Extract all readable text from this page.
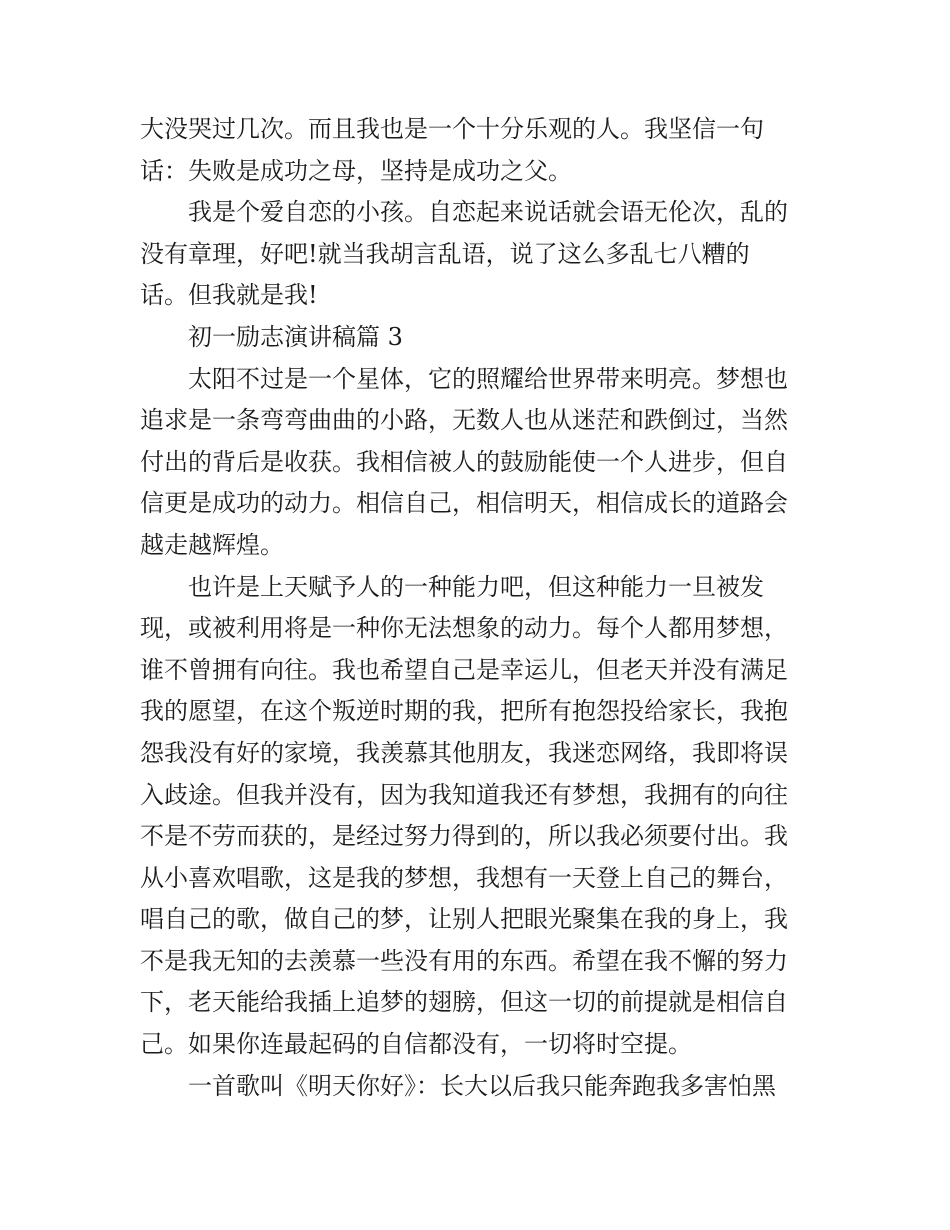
大没哭过几次。而且我也是一个十分乐观的人。我坚信一句
话：失败是成功之母，坚持是成功之父。
我是个爱自恋的小孩。自恋起来说话就会语无伦次，乱的
没有章理，好吧!就当我胡言乱语，说了这么多乱七八糟的
话。但我就是我!
初一励志演讲稿篇 3
太阳不过是一个星体，它的照耀给世界带来明亮。梦想也
追求是一条弯弯曲曲的小路，无数人也从迷茫和跌倒过，当然
付出的背后是收获。我相信被人的鼓励能使一个人进步，但自
信更是成功的动力。相信自己，相信明天，相信成长的道路会
越走越辉煌。
也许是上天赋予人的一种能力吧，但这种能力一旦被发
现，或被利用将是一种你无法想象的动力。每个人都用梦想，
谁不曾拥有向往。我也希望自己是幸运儿，但老天并没有满足
我的愿望，在这个叛逆时期的我，把所有抱怨投给家长，我抱
怨我没有好的家境，我羡慕其他朋友，我迷恋网络，我即将误
入歧途。但我并没有，因为我知道我还有梦想，我拥有的向往
不是不劳而获的，是经过努力得到的，所以我必须要付出。我
从小喜欢唱歌，这是我的梦想，我想有一天登上自己的舞台，
唱自己的歌，做自己的梦，让别人把眼光聚集在我的身上，我
不是我无知的去羡慕一些没有用的东西。希望在我不懈的努力
下，老天能给我插上追梦的翅膀，但这一切的前提就是相信自
己。如果你连最起码的自信都没有，一切将时空提。
一首歌叫《明天你好》：长大以后我只能奔跑我多害怕黑
